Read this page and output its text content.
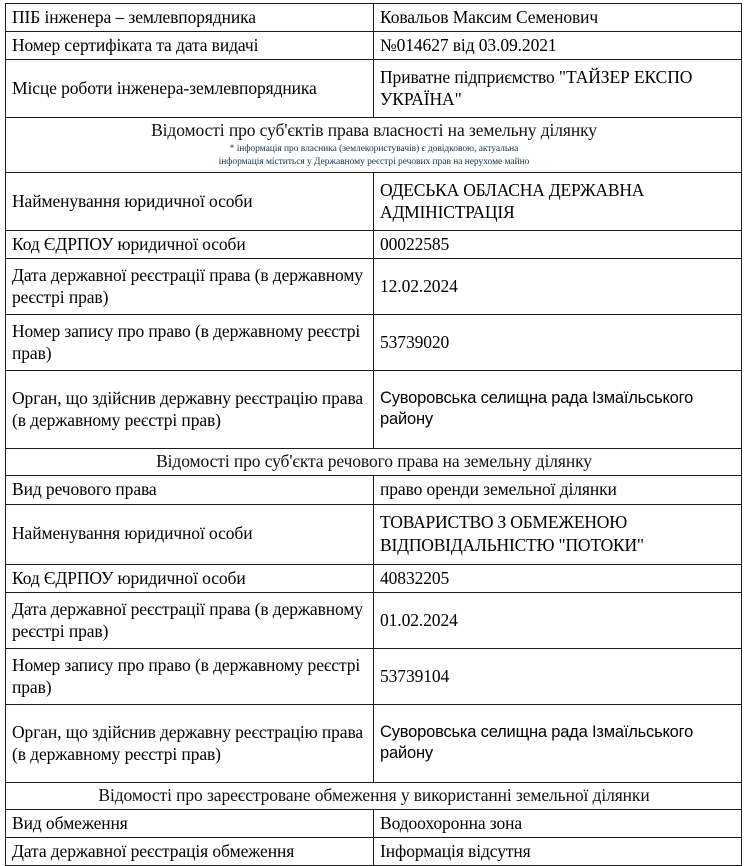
ПІБ інженера – землевпорядника	Ковальов Максим Семенович
Номер сертифіката та дата видачі	№014627 від 03.09.2021
Місце роботи інженера-землевпорядника	Приватне підприємство "ТАЙЗЕР ЕКСПО УКРАЇНА"

Відомості про суб'єктів права власності на земельну ділянку
* інформація про власника (землекористувачів) є довідковою, актуальна
інформація міститься у Державному реєстрі речових прав на нерухоме майно	

Найменування юридичної особи	ОДЕСЬКА ОБЛАСНА ДЕРЖАВНА АДМІНІСТРАЦІЯ
Код ЄДРПОУ юридичної особи	00022585
Дата державної реєстрації права (в державному реєстрі прав)	12.02.2024
Номер запису про право (в державному реєстрі прав)	53739020
Орган, що здійснив державну реєстрацію права (в державному реєстрі прав)	Суворовська селищна рада Ізмаїльського району

Відомості про суб'єкта речового права на земельну ділянку	

Вид речового права	право оренди земельної ділянки
Найменування юридичної особи	ТОВАРИСТВО З ОБМЕЖЕНОЮ ВІДПОВІДАЛЬНІСТЮ "ПОТОКИ"
Код ЄДРПОУ юридичної особи	40832205
Дата державної реєстрації права (в державному реєстрі прав)	01.02.2024
Номер запису про право (в державному реєстрі прав)	53739104
Орган, що здійснив державну реєстрацію права (в державному реєстрі прав)	Суворовська селищна рада Ізмаїльського району

Відомості про зареєстроване обмеження у використанні земельної ділянки	

Вид обмеження	Водоохоронна зона
Дата державної реєстрація обмеження	Інформація відсутня
